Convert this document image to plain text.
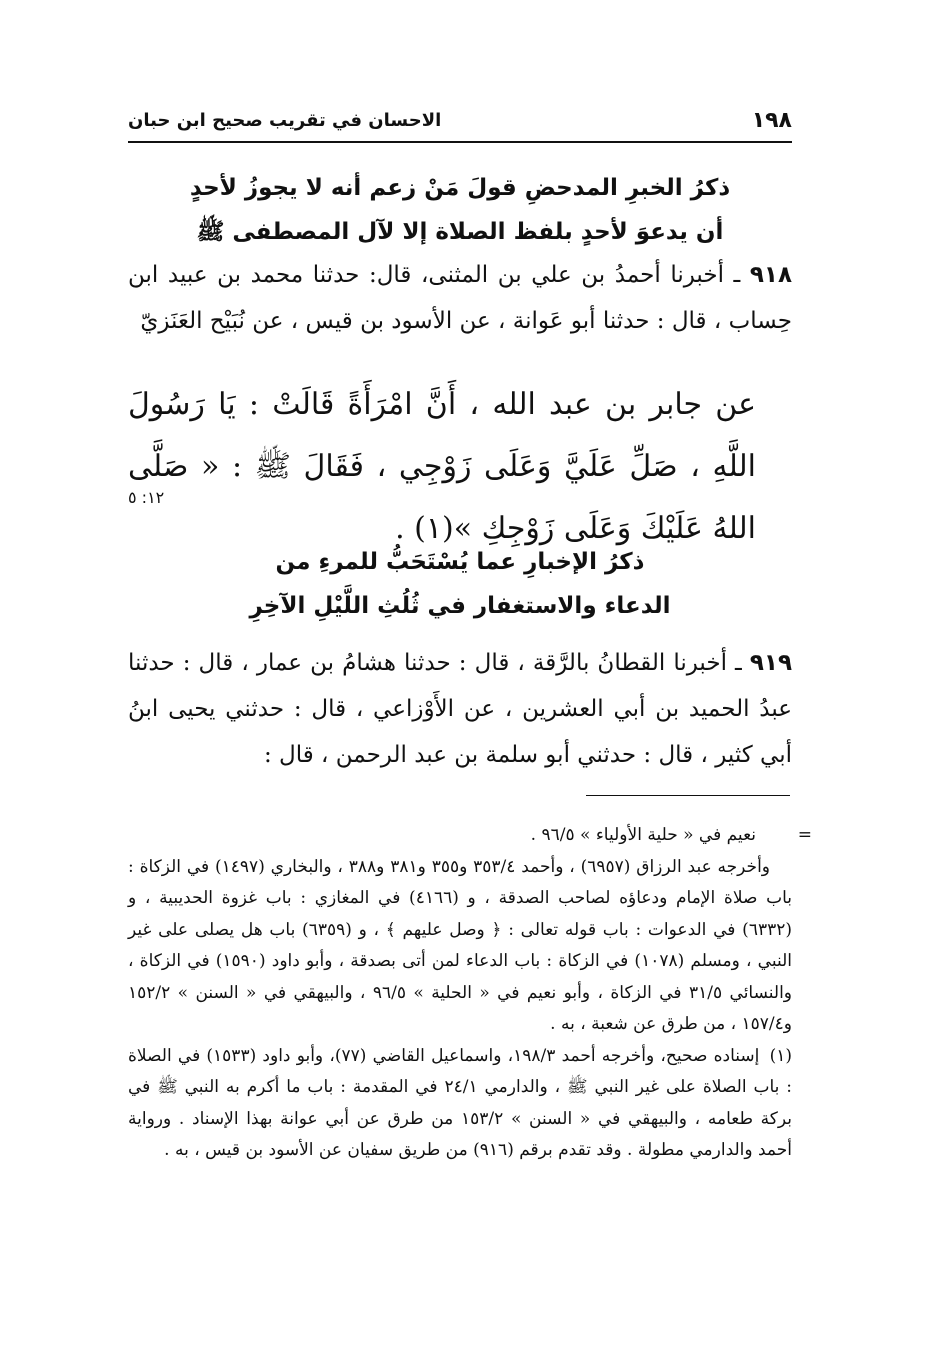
١٩٨
الاحسان في تقريب صحيح ابن حبان
ذكرُ الخبرِ المدحضِ قولَ مَنْ زعم أنه لا يجوزُ لأحدٍ
أن يدعوَ لأحدٍ بلفظ الصلاة إلا لآل المصطفى ﷺ
٩١٨ ـ أخبرنا أحمدُ بن علي بن المثنى، قال: حدثنا محمد بن عبيد ابن حِساب ، قال : حدثنا أبو عَوانة ، عن الأسود بن قيس ، عن نُبَيْح العَنَزيّ
عن جابر بن عبد الله ، أَنَّ امْرَأَةً قَالَتْ : يَا رَسُولَ اللَّهِ ، صَلِّ عَلَيَّ وَعَلَى زَوْجِي ، فَقَالَ ﷺ : « صَلَّى اللهُ عَلَيْكَ وَعَلَى زَوْجِكِ »(١) .
١٢: ٥
ذكرُ الإخبارِ عما يُسْتَحَبُّ للمرءِ من
الدعاء والاستغفار في ثُلُثِ اللَّيْلِ الآخِرِ
٩١٩ ـ أخبرنا القطانُ بالرَّقة ، قال : حدثنا هشامُ بن عمار ، قال : حدثنا عبدُ الحميد بن أبي العشرين ، عن الأَوْزاعي ، قال : حدثني يحيى ابنُ أبي كثير ، قال : حدثني أبو سلمة بن عبد الرحمن ، قال :
=
نعيم في « حلية الأولياء » ٩٦/٥ .
وأخرجه عبد الرزاق (٦٩٥٧) ، وأحمد ٣٥٣/٤ و٣٥٥ و٣٨١ و٣٨٨ ، والبخاري (١٤٩٧) في الزكاة : باب صلاة الإمام ودعاؤه لصاحب الصدقة ، و (٤١٦٦) في المغازي : باب غزوة الحديبية ، و (٦٣٣٢) في الدعوات : باب قوله تعالى : ﴿ وصل عليهم ﴾ ، و (٦٣٥٩) باب هل يصلى على غير النبي ، ومسلم (١٠٧٨) في الزكاة : باب الدعاء لمن أتى بصدقة ، وأبو داود (١٥٩٠) في الزكاة ، والنسائي ٣١/٥ في الزكاة ، وأبو نعيم في « الحلية » ٩٦/٥ ، والبيهقي في « السنن » ١٥٢/٢ و١٥٧/٤ ، من طرق عن شعبة ، به .
(١) إسناده صحيح، وأخرجه أحمد ١٩٨/٣، واسماعيل القاضي (٧٧)، وأبو داود (١٥٣٣) في الصلاة : باب الصلاة على غير النبي ﷺ ، والدارمي ٢٤/١ في المقدمة : باب ما أكرم به النبي ﷺ في بركة طعامه ، والبيهقي في « السنن » ١٥٣/٢ من طرق عن أبي عوانة بهذا الإسناد . ورواية أحمد والدارمي مطولة . وقد تقدم برقم (٩١٦) من طريق سفيان عن الأسود بن قيس ، به .
